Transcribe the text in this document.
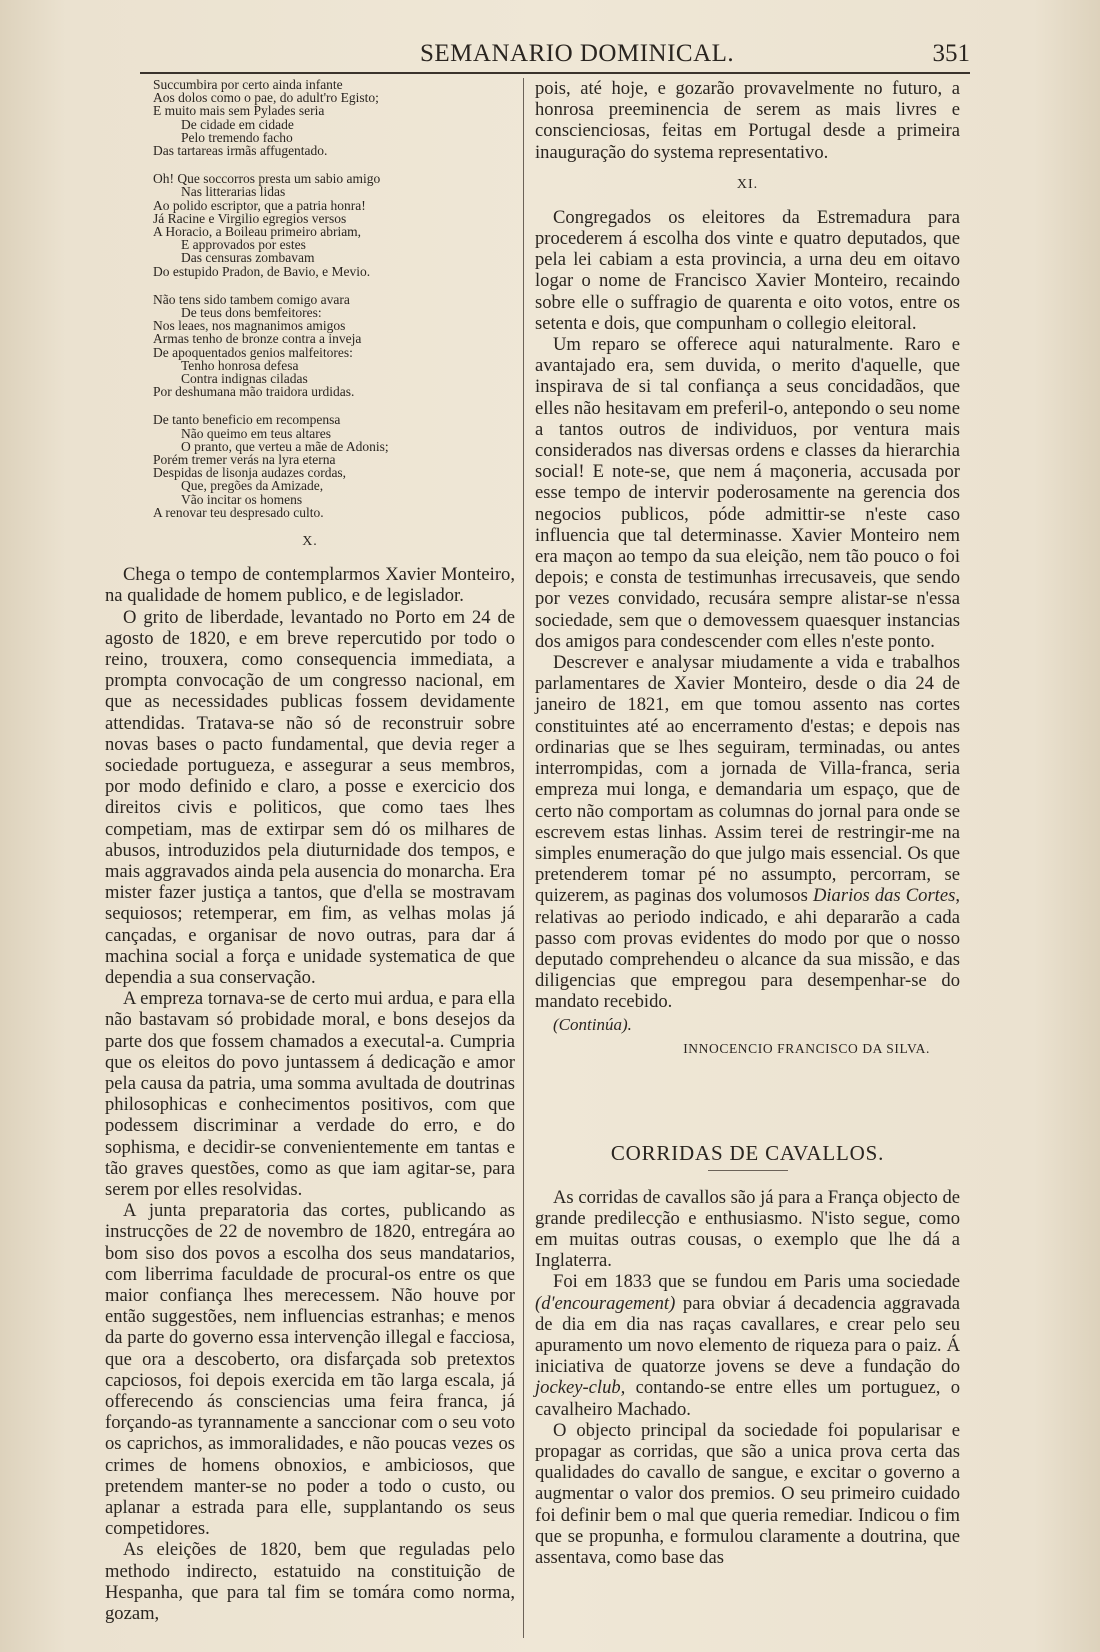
SEMANARIO DOMINICAL.	351
Succumbira por certo ainda infante
Aos dolos como o pae, do adult'ro Egisto;
E muito mais sem Pylades seria
De cidade em cidade
Pelo tremendo facho
Das tartareas irmãs affugentado.
Oh! Que soccorros presta um sabio amigo
Nas litterarias lidas
Ao polido escriptor, que a patria honra!
Já Racine e Virgilio egregios versos
A Horacio, a Boileau primeiro abriam,
E approvados por estes
Das censuras zombavam
Do estupido Pradon, de Bavio, e Mevio.
Não tens sido tambem comigo avara
De teus dons bemfeitores:
Nos leaes, nos magnanimos amigos
Armas tenho de bronze contra a inveja
De apoquentados genios malfeitores:
Tenho honrosa defesa
Contra indignas ciladas
Por deshumana mão traidora urdidas.
De tanto beneficio em recompensa
Não queimo em teus altares
O pranto, que verteu a mãe de Adonis;
Porém tremer verás na lyra eterna
Despidas de lisonja audazes cordas,
Que, pregões da Amizade,
Vão incitar os homens
A renovar teu despresado culto.
X.

Chega o tempo de contemplarmos Xavier Monteiro, na qualidade de homem publico, e de legislador.

O grito de liberdade, levantado no Porto em 24 de agosto de 1820, e em breve repercutido por todo o reino, trouxera, como consequencia immediata, a prompta convocação de um congresso nacional, em que as necessidades publicas fossem devidamente attendidas. Tratava-se não só de reconstruir sobre novas bases o pacto fundamental, que devia reger a sociedade portugueza, e assegurar a seus membros, por modo definido e claro, a posse e exercicio dos direitos civis e politicos, que como taes lhes competiam, mas de extirpar sem dó os milhares de abusos, introduzidos pela diuturnidade dos tempos, e mais aggravados ainda pela ausencia do monarcha. Era mister fazer justiça a tantos, que d'ella se mostravam sequiosos; retemperar, em fim, as velhas molas já cançadas, e organisar de novo outras, para dar á machina social a força e unidade systematica de que dependia a sua conservação.

A empreza tornava-se de certo mui ardua, e para ella não bastavam só probidade moral, e bons desejos da parte dos que fossem chamados a executal-a. Cumpria que os eleitos do povo juntassem á dedicação e amor pela causa da patria, uma somma avultada de doutrinas philosophicas e conhecimentos positivos, com que podessem discriminar a verdade do erro, e do sophisma, e decidir-se convenientemente em tantas e tão graves questões, como as que iam agitar-se, para serem por elles resolvidas.

A junta preparatoria das cortes, publicando as instrucções de 22 de novembro de 1820, entregára ao bom siso dos povos a escolha dos seus mandatarios, com liberrima faculdade de procural-os entre os que maior confiança lhes merecessem. Não houve por então suggestões, nem influencias estranhas; e menos da parte do governo essa intervenção illegal e facciosa, que ora a descoberto, ora disfarçada sob pretextos capciosos, foi depois exercida em tão larga escala, já offerecendo ás consciencias uma feira franca, já forçando-as tyrannamente a sanccionar com o seu voto os caprichos, as immoralidades, e não poucas vezes os crimes de homens obnoxios, e ambiciosos, que pretendem manter-se no poder a todo o custo, ou aplanar a estrada para elle, supplantando os seus competidores.

As eleições de 1820, bem que reguladas pelo methodo indirecto, estatuido na constituição de Hespanha, que para tal fim se tomára como norma, gozam,

pois, até hoje, e gozarão provavelmente no futuro, a honrosa preeminencia de serem as mais livres e conscienciosas, feitas em Portugal desde a primeira inauguração do systema representativo.

XI.

Congregados os eleitores da Estremadura para procederem á escolha dos vinte e quatro deputados, que pela lei cabiam a esta provincia, a urna deu em oitavo logar o nome de Francisco Xavier Monteiro, recaindo sobre elle o suffragio de quarenta e oito votos, entre os setenta e dois, que compunham o collegio eleitoral.

Um reparo se offerece aqui naturalmente. Raro e avantajado era, sem duvida, o merito d'aquelle, que inspirava de si tal confiança a seus concidadãos, que elles não hesitavam em preferil-o, antepondo o seu nome a tantos outros de individuos, por ventura mais considerados nas diversas ordens e classes da hierarchia social! E note-se, que nem á maçoneria, accusada por esse tempo de intervir poderosamente na gerencia dos negocios publicos, póde admittir-se n'este caso influencia que tal determinasse. Xavier Monteiro nem era maçon ao tempo da sua eleição, nem tão pouco o foi depois; e consta de testimunhas irrecusaveis, que sendo por vezes convidado, recusára sempre alistar-se n'essa sociedade, sem que o demovessem quaesquer instancias dos amigos para condescender com elles n'este ponto.

Descrever e analysar miudamente a vida e trabalhos parlamentares de Xavier Monteiro, desde o dia 24 de janeiro de 1821, em que tomou assento nas cortes constituintes até ao encerramento d'estas; e depois nas ordinarias que se lhes seguiram, terminadas, ou antes interrompidas, com a jornada de Villa-franca, seria empreza mui longa, e demandaria um espaço, que de certo não comportam as columnas do jornal para onde se escrevem estas linhas. Assim terei de restringir-me na simples enumeração do que julgo mais essencial. Os que pretenderem tomar pé no assumpto, percorram, se quizerem, as paginas dos volumosos Diarios das Cortes, relativas ao periodo indicado, e ahi depararão a cada passo com provas evidentes do modo por que o nosso deputado comprehendeu o alcance da sua missão, e das diligencias que empregou para desempenhar-se do mandato recebido.

(Continúa).
INNOCENCIO FRANCISCO DA SILVA.
CORRIDAS DE CAVALLOS.

As corridas de cavallos são já para a França objecto de grande predilecção e enthusiasmo. N'isto segue, como em muitas outras cousas, o exemplo que lhe dá a Inglaterra.

Foi em 1833 que se fundou em Paris uma sociedade (d'encouragement) para obviar á decadencia aggravada de dia em dia nas raças cavallares, e crear pelo seu apuramento um novo elemento de riqueza para o paiz. Á iniciativa de quatorze jovens se deve a fundação do jockey-club, contando-se entre elles um portuguez, o cavalheiro Machado.

O objecto principal da sociedade foi popularisar e propagar as corridas, que são a unica prova certa das qualidades do cavallo de sangue, e excitar o governo a augmentar o valor dos premios. O seu primeiro cuidado foi definir bem o mal que queria remediar. Indicou o fim que se propunha, e formulou claramente a doutrina, que assentava, como base das
